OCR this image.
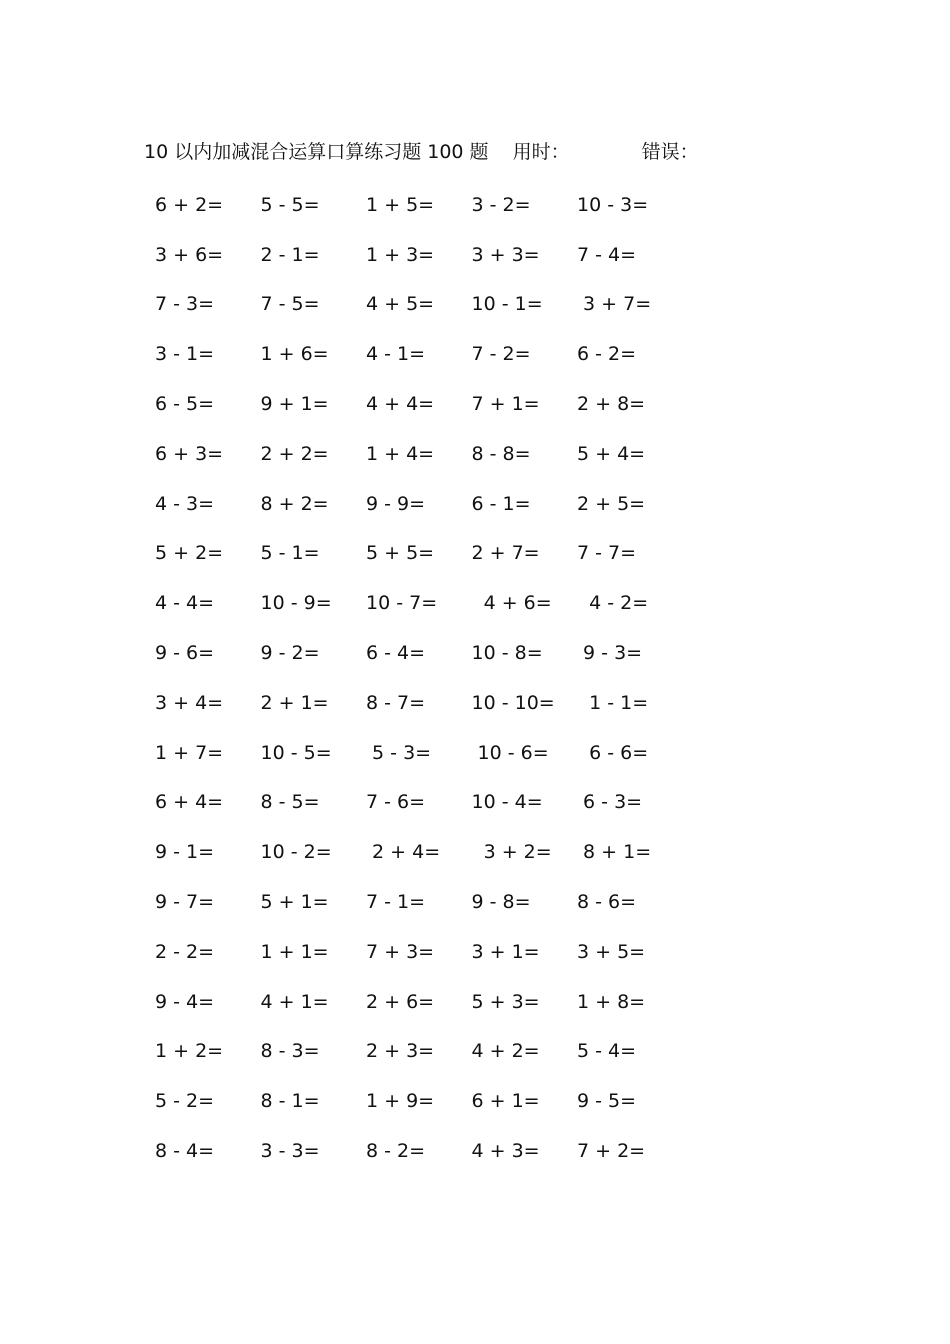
10 以内加减混合运算口算练习题 100 题 用时：	错误：
6 + 2=	5 - 5=	1 + 5=	3 - 2=	10 - 3=
3 + 6=	2 - 1=	1 + 3=	3 + 3=	7 - 4=
7 - 3=	7 - 5=	4 + 5=	10 - 1=	3 + 7=
3 - 1=	1 + 6=	4 - 1=	7 - 2=	6 - 2=
6 - 5=	9 + 1=	4 + 4=	7 + 1=	2 + 8=
6 + 3=	2 + 2=	1 + 4=	8 - 8=	5 + 4=
4 - 3=	8 + 2=	9 - 9=	6 - 1=	2 + 5=
5 + 2=	5 - 1=	5 + 5=	2 + 7=	7 - 7=
4 - 4=	10 - 9=	10 - 7=	4 + 6=	4 - 2=
9 - 6=	9 - 2=	6 - 4=	10 - 8=	9 - 3=
3 + 4=	2 + 1=	8 - 7=	10 - 10=	1 - 1=
1 + 7=	10 - 5=	5 - 3=	10 - 6=	6 - 6=
6 + 4=	8 - 5=	7 - 6=	10 - 4=	6 - 3=
9 - 1=	10 - 2=	2 + 4=	3 + 2=	8 + 1=
9 - 7=	5 + 1=	7 - 1=	9 - 8=	8 - 6=
2 - 2=	1 + 1=	7 + 3=	3 + 1=	3 + 5=
9 - 4=	4 + 1=	2 + 6=	5 + 3=	1 + 8=
1 + 2=	8 - 3=	2 + 3=	4 + 2=	5 - 4=
5 - 2=	8 - 1=	1 + 9=	6 + 1=	9 - 5=
8 - 4=	3 - 3=	8 - 2=	4 + 3=	7 + 2=
